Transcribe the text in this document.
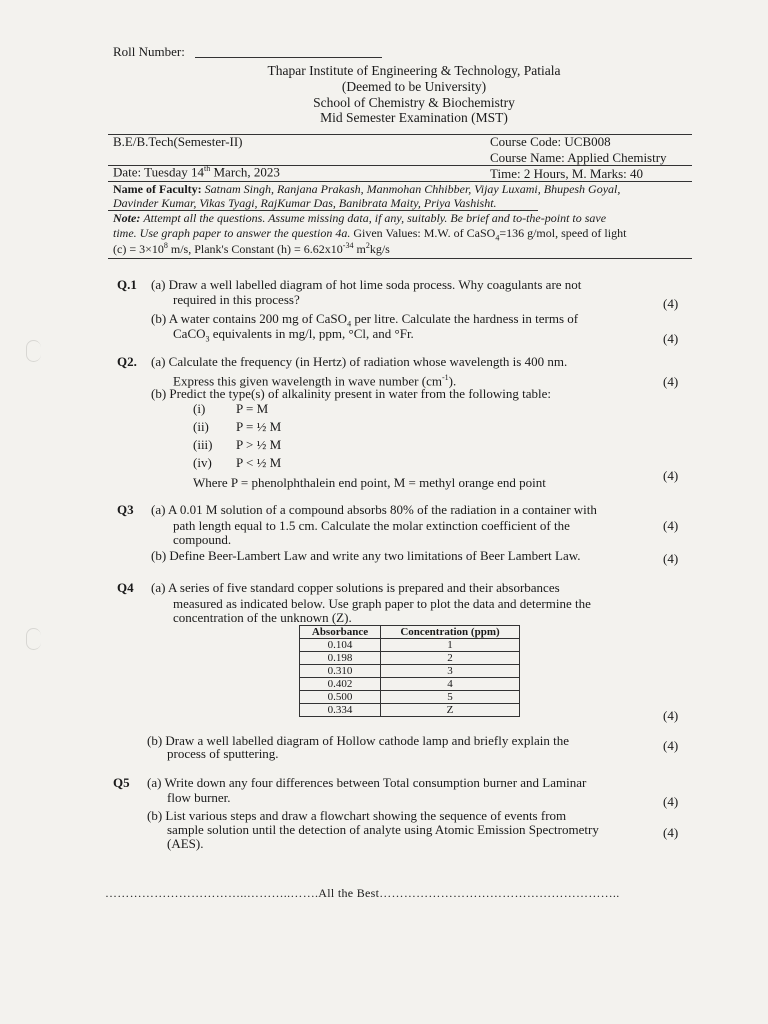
Roll Number:
Thapar Institute of Engineering & Technology, Patiala
(Deemed to be University)
School of Chemistry & Biochemistry
Mid Semester Examination (MST)
B.E/B.Tech(Semester-II)	Course Code: UCB008
Course Name: Applied Chemistry
Date: Tuesday 14th March, 2023	Time: 2 Hours, M. Marks: 40
Name of Faculty: Satnam Singh, Ranjana Prakash, Manmohan Chhibber, Vijay Luxami, Bhupesh Goyal,
Davinder Kumar, Vikas Tyagi, RajKumar Das, Banibrata Maity, Priya Vashisht.
Note: Attempt all the questions. Assume missing data, if any, suitably. Be brief and to-the-point to save
time. Use graph paper to answer the question 4a. Given Values: M.W. of CaSO$_4$=136 g/mol, speed of light
$(c) = 3\times 10^8$ m/s, Plank's Constant $(h) = 6.62x10^{-34}$ $m^2kg/s$
Q.1 (a) Draw a well labelled diagram of hot lime soda process. Why coagulants are not
required in this process?	(4)
(b) A water contains 200 mg of CaSO$_4$ per litre. Calculate the hardness in terms of
CaCO$_3$ equivalents in mg/l, ppm, °Cl, and °Fr.	(4)
Q2. (a) Calculate the frequency (in Hertz) of radiation whose wavelength is 400 nm.
Express this given wavelength in wave number $(cm^{-1})$.	(4)
(b) Predict the type(s) of alkalinity present in water from the following table:
(i) P = M
(ii) P = ½ M
(iii) P > ½ M
(iv) P < ½ M
Where P = phenolphthalein end point, M = methyl orange end point	(4)
Q3 (a) A 0.01 M solution of a compound absorbs 80% of the radiation in a container with
path length equal to 1.5 cm. Calculate the molar extinction coefficient of the	(4)
compound.
(b) Define Beer-Lambert Law and write any two limitations of Beer Lambert Law.	(4)
Q4 (a) A series of five standard copper solutions is prepared and their absorbances
measured as indicated below. Use graph paper to plot the data and determine the
concentration of the unknown (Z).
Absorbance	Concentration (ppm)
0.104	1
0.198	2
0.310	3
0.402	4
0.500	5
0.334	Z	(4)
(b) Draw a well labelled diagram of Hollow cathode lamp and briefly explain the
process of sputtering.
(4)
Q5 (a) Write down any four differences between Total consumption burner and Laminar
flow burner.	(4)
(b) List various steps and draw a flowchart showing the sequence of events from
sample solution until the detection of analyte using Atomic Emission Spectrometry
(AES).
(4)
……………………………..………..…….All the Best…………………………………………………..
